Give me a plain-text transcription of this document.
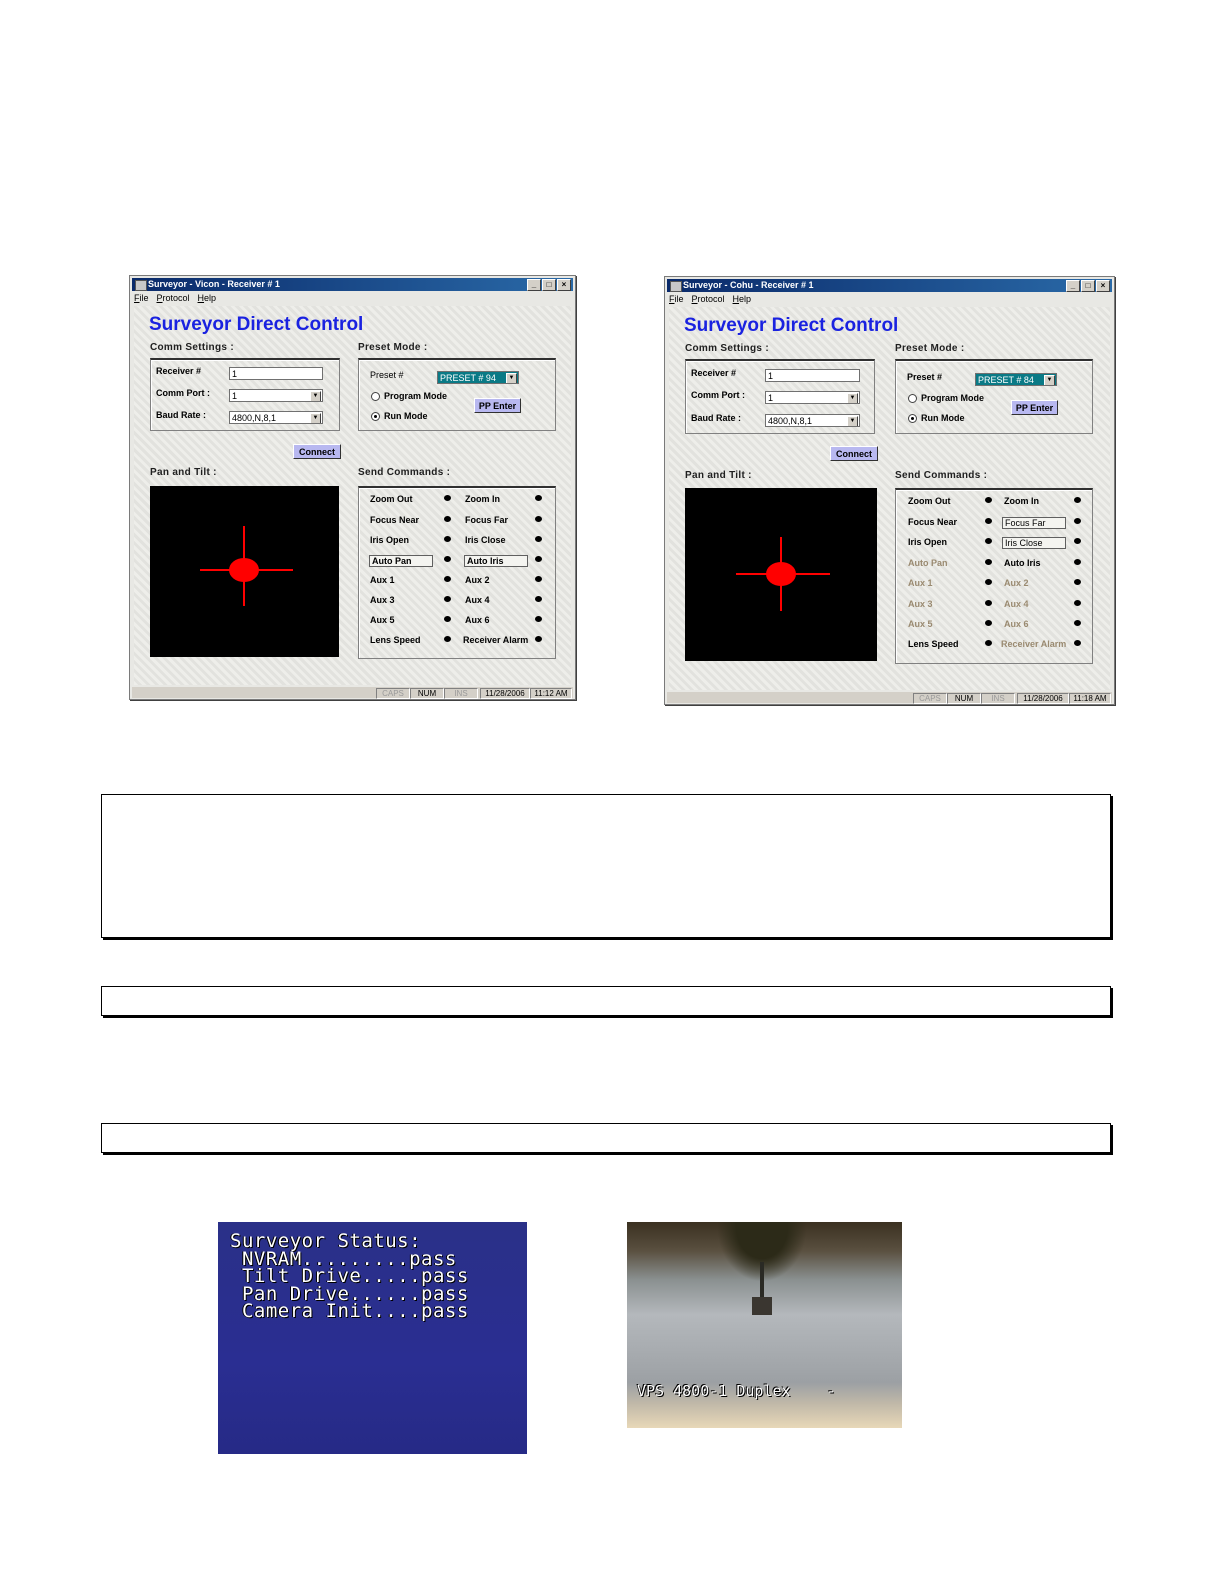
Surveyor - Vicon - Receiver # 1	_	□	×
File Protocol Help
Surveyor Direct Control
Comm Settings :
Receiver #	1
Comm Port :	1	▼
Baud Rate :	4800,N,8,1	▼
Connect
Preset Mode :
Preset #	PRESET # 94	▼
Program Mode
Run Mode
PP Enter
Pan and Tilt :	Send Commands :
Zoom Out	Zoom In
Focus Near	Focus Far
Iris Open	Iris Close
Auto Pan	Auto Iris
Aux 1	Aux 2
Aux 3	Aux 4
Aux 5	Aux 6
Lens Speed	Receiver Alarm
CAPS	NUM	INS	11/28/2006	11:12 AM
Surveyor - Cohu - Receiver # 1	_	□	×
File Protocol Help
Surveyor Direct Control
Comm Settings :
Receiver #	1
Comm Port :	1	▼
Baud Rate :	4800,N,8,1	▼
Connect
Preset Mode :
Preset #	PRESET # 84	▼
Program Mode
Run Mode
PP Enter
Pan and Tilt :	Send Commands :
Zoom Out	Zoom In
Focus Near	Focus Far
Iris Open	Iris Close
Auto Pan	Auto Iris
Aux 1	Aux 2
Aux 3	Aux 4
Aux 5	Aux 6
Lens Speed	Receiver Alarm
CAPS	NUM	INS	11/28/2006	11:18 AM
Surveyor Status:
NVRAM.........pass
Tilt Drive.....pass
Pan Drive......pass
Camera Init....pass
VPS 4800-1 Duplex    -
